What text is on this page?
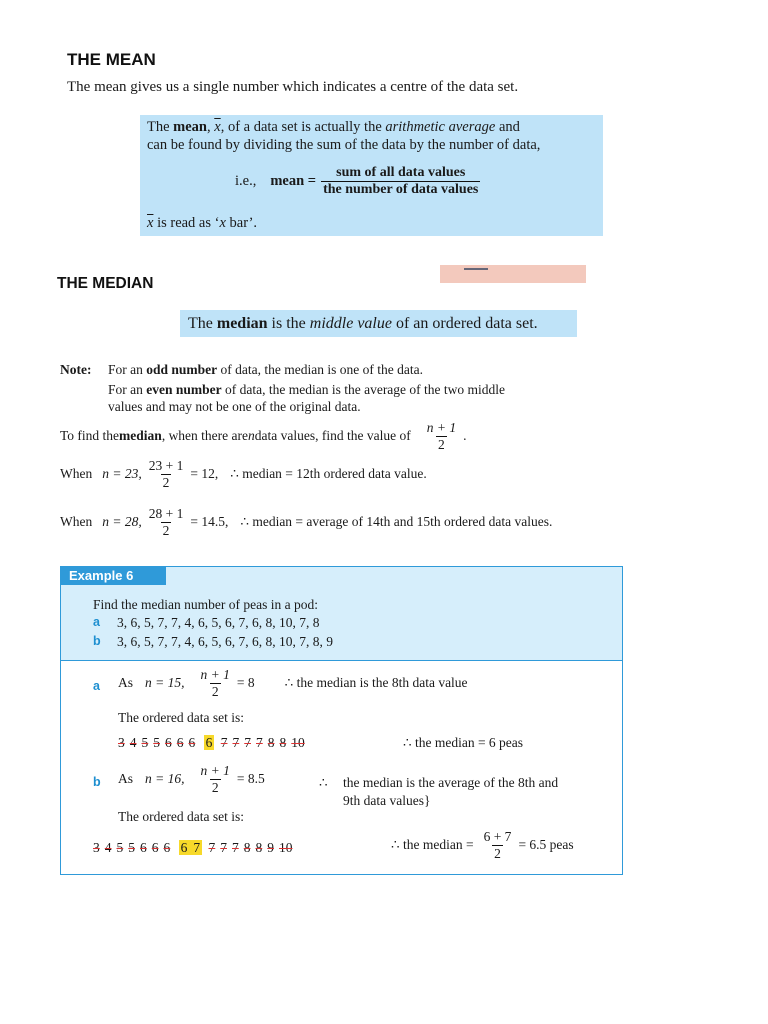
THE MEAN
The mean gives us a single number which indicates a centre of the data set.
The mean, $\overline{x}$, of a data set is actually the arithmetic average and
can be found by dividing the sum of the data by the number of data,
i.e., mean = $\frac{\text{sum of all data values}}{\text{the number of data values}}$
$\overline{x}$ is read as ‘x bar’.
THE MEDIAN
The median is the middle value of an ordered data set.
Note: For an odd number of data, the median is one of the data.
For an even number of data, the median is the average of the two middle
values and may not be one of the original data.
To find the median , when there are n data values, find the value of $\frac{n + 1}{2}$ .
When n = 23, $\frac{23 + 1}{2} = 12$, ∴ median = 12th ordered data value.
When n = 28, $\frac{28 + 1}{2} = 14.5$, ∴ median = average of 14th and 15th ordered data values.
Example 6
Find the median number of peas in a pod:
a 3, 6, 5, 7, 7, 4, 6, 5, 6, 7, 6, 8, 10, 7, 8
b 3, 6, 5, 7, 7, 4, 6, 5, 6, 7, 6, 8, 10, 7, 8, 9
a As n = 15, $\frac{n + 1}{2} = 8$ ∴ the median is the 8th data value
The ordered data set is:
3 4 5 5 6 6 6 6 7 7 7 7 8 8 10	∴ the median = 6 peas
b As n = 16, $\frac{n + 1}{2} = 8.5$	∴ the median is the average of the 8th and
9th data values}
The ordered data set is:
3 4 5 5 6 6 6 6 7 7 7 7 8 8 9 10	∴ the median = $\frac{6 + 7}{2} = 6.5$ peas
